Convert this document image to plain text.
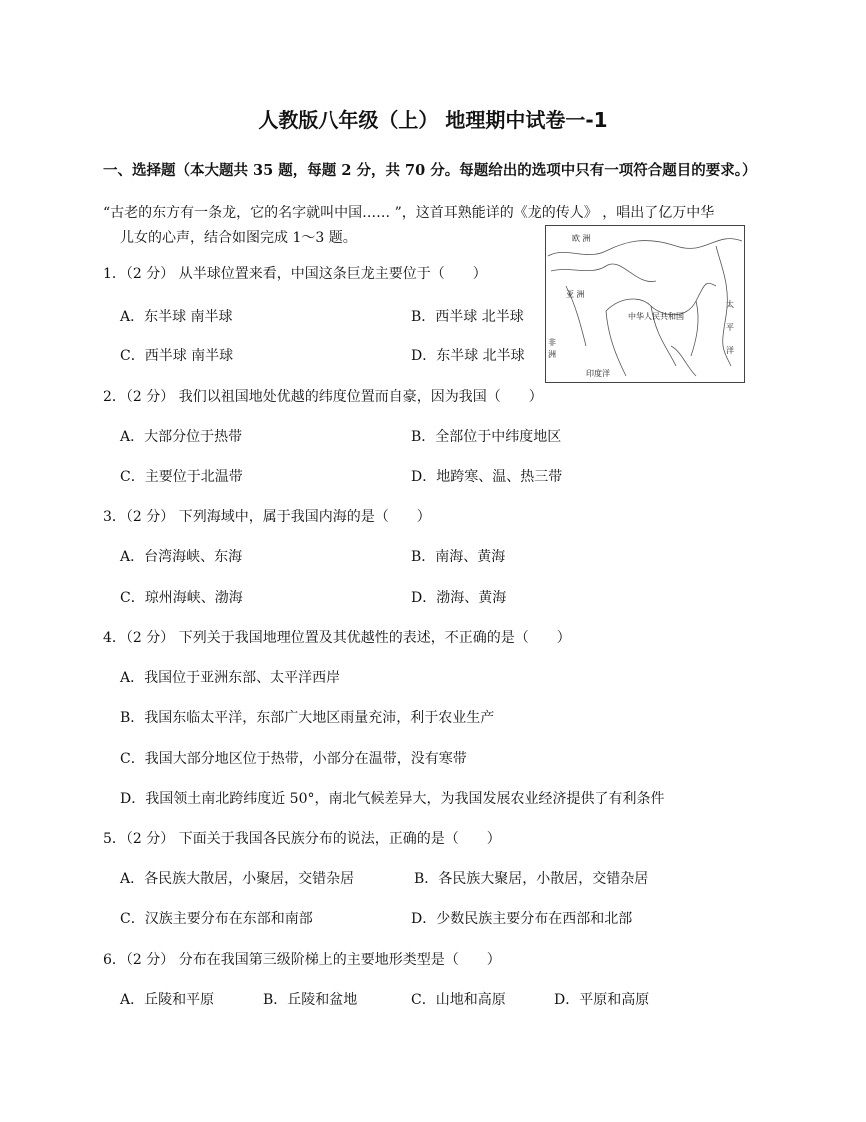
人教版八年级（上） 地理期中试卷一-1
一、选择题（本大题共 35 题，每题 2 分，共 70 分。每题给出的选项中只有一项符合题目的要求。）
“古老的东方有一条龙，它的名字就叫中国…… ”，这首耳熟能详的《龙的传人》 ，唱出了亿万中华
儿女的心声，结合如图完成 1～3 题。	欧 洲
亚 洲
中华人民共和国
太
平
洋
印度洋
非
洲
1．（2 分） 从半球位置来看，中国这条巨龙主要位于（　　）
A．东半球 南半球	B．西半球 北半球
C．西半球 南半球	D．东半球 北半球
2．（2 分） 我们以祖国地处优越的纬度位置而自豪，因为我国（　　）
A．大部分位于热带	B．全部位于中纬度地区
C．主要位于北温带	D．地跨寒、温、热三带
3．（2 分） 下列海域中，属于我国内海的是（　　）
A．台湾海峡、东海	B．南海、黄海
C．琼州海峡、渤海	D．渤海、黄海
4．（2 分） 下列关于我国地理位置及其优越性的表述，不正确的是（　　）
A．我国位于亚洲东部、太平洋西岸
B．我国东临太平洋，东部广大地区雨量充沛，利于农业生产
C．我国大部分地区位于热带，小部分在温带，没有寒带
D．我国领土南北跨纬度近 50°，南北气候差异大，为我国发展农业经济提供了有利条件
5．（2 分） 下面关于我国各民族分布的说法，正确的是（　　）
A．各民族大散居，小聚居，交错杂居	B．各民族大聚居，小散居，交错杂居
C．汉族主要分布在东部和南部	D．少数民族主要分布在西部和北部
6．（2 分） 分布在我国第三级阶梯上的主要地形类型是（　　）
A．丘陵和平原	B．丘陵和盆地	C．山地和高原	D．平原和高原
